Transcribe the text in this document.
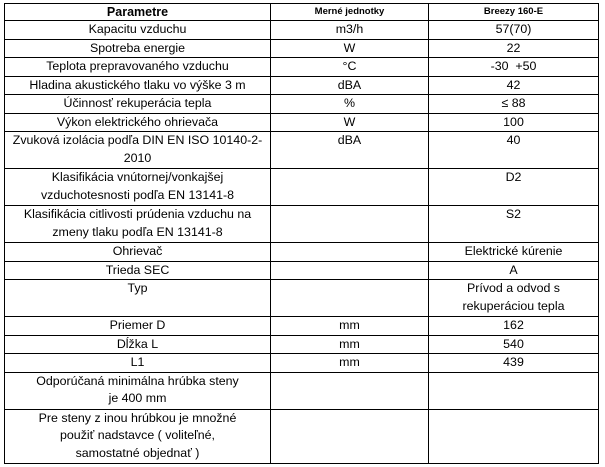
Parametre	Merné jednotky	Breezy 160-E
Kapacitu vzduchu	m3/h	57(70)
Spotreba energie	W	22
Teplota prepravovaného vzduchu	°C	-30  +50
Hladina akustického tlaku vo výške 3 m	dBA	42
Účinnosť rekuperácia tepla	%	≤ 88
Výkon elektrického ohrievača	W	100
Zvuková izolácia podľa DIN EN ISO 10140-2- 2010	dBA	40
Klasifikácia vnútornej/vonkajšej vzduchotesnosti podľa EN 13141-8		D2
Klasifikácia citlivosti prúdenia vzduchu na zmeny tlaku podľa EN 13141-8		S2
Ohrievač		Elektrické kúrenie
Trieda SEC		A
Typ		Prívod a odvod s rekuperáciou tepla
Priemer D	mm	162
Dĺžka L	mm	540
L1	mm	439
Odporúčaná minimálna hrúbka steny je 400 mm		
Pre steny z inou hrúbkou je množné použiť nadstavce ( voliteľné, samostatné objednať )		
